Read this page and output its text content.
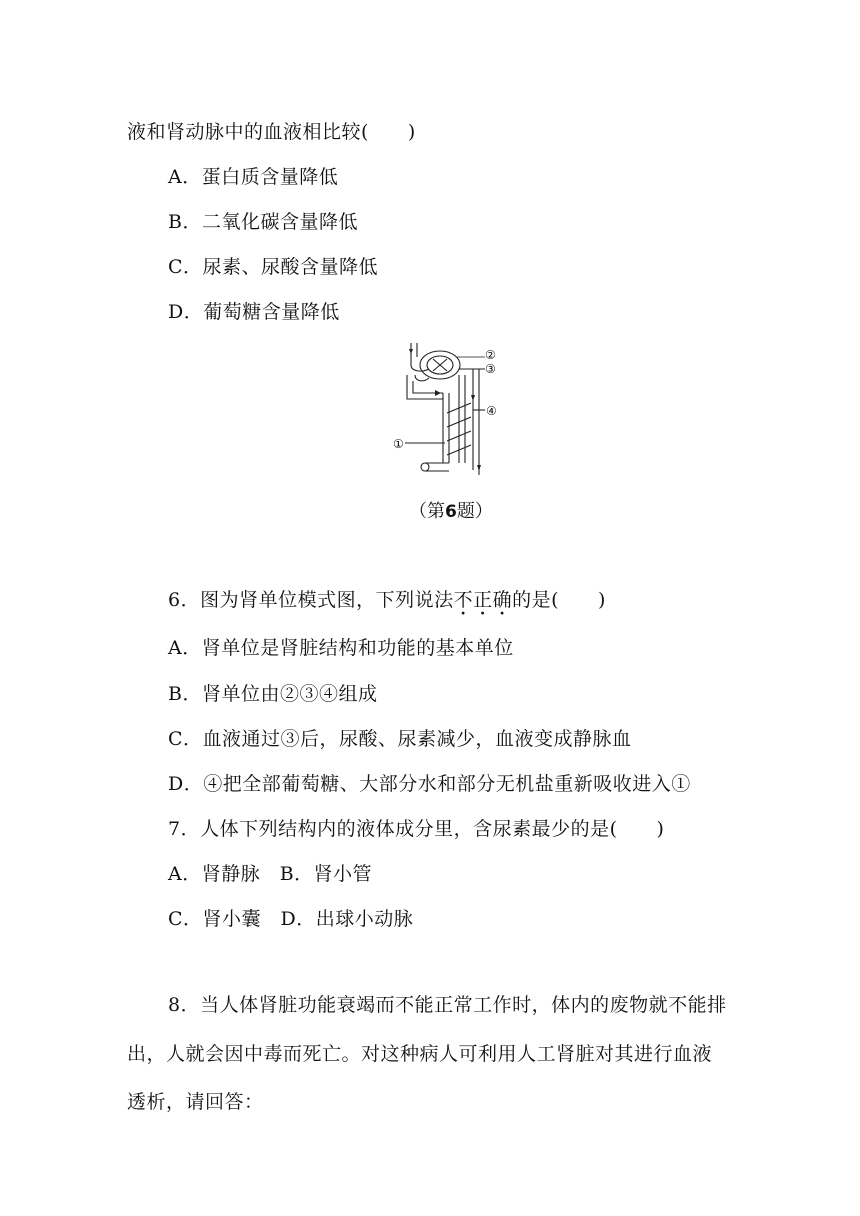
液和肾动脉中的血液相比较(　　)
A．蛋白质含量降低
B．二氧化碳含量降低
C．尿素、尿酸含量降低
D．葡萄糖含量降低
②
③
④
①
（第6题）
6．图为肾单位模式图，下列说法不正确的是(　　)
A．肾单位是肾脏结构和功能的基本单位
B．肾单位由②③④组成
C．血液通过③后，尿酸、尿素减少，血液变成静脉血
D．④把全部葡萄糖、大部分水和部分无机盐重新吸收进入①
7．人体下列结构内的液体成分里，含尿素最少的是(　　)
A．肾静脉　B．肾小管
C．肾小囊　D．出球小动脉
8．当人体肾脏功能衰竭而不能正常工作时，体内的废物就不能排
出，人就会因中毒而死亡。对这种病人可利用人工肾脏对其进行血液
透析，请回答：
